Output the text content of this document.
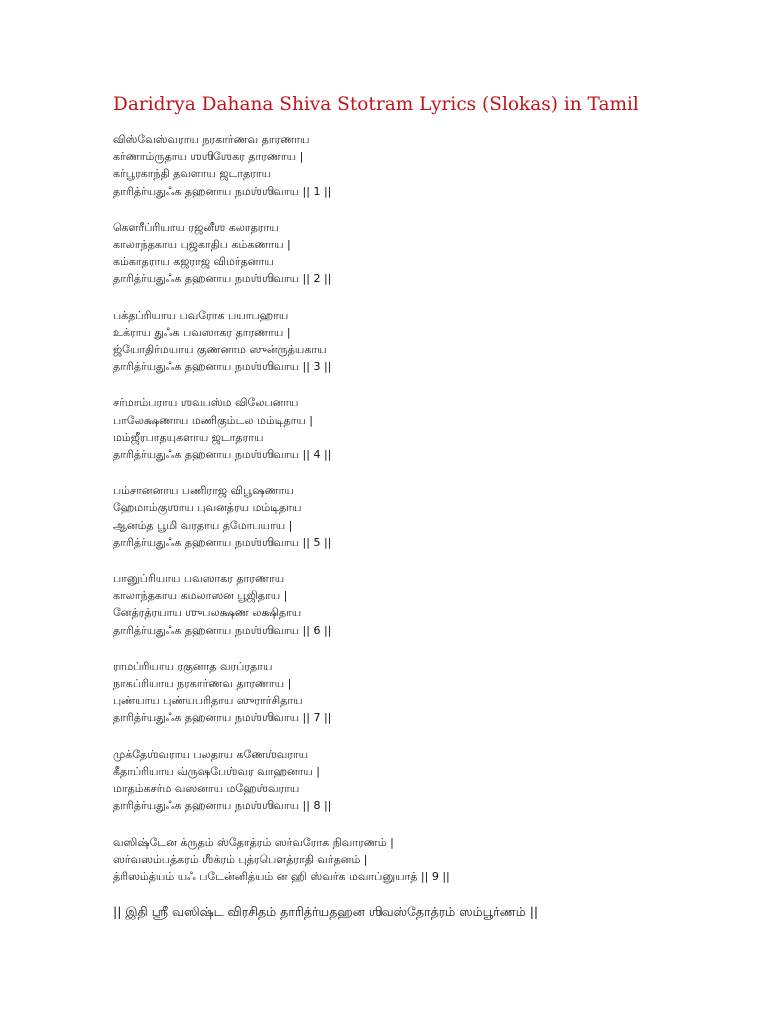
Daridrya Dahana Shiva Stotram Lyrics (Slokas) in Tamil
விஸ்வேஸ்வராய நரகார்ணவ தாரணாய
கர்ணாம்ருதாய ஶஶிஶேகர தாரணாய |
கர்பூரகாந்தி தவளாய ஜடாதராய
தாரித்ர்யதுஃக தஹனாய நமஶ்ஶிவாய || 1 ||
கௌரீப்ரியாய ரஜனீஶ கலாதராய
காலாந்தகாய புஜகாதிப கம்கணாய |
கம்காதராய கஜராஜ விமர்தனாய
தாரித்ர்யதுஃக தஹனாய நமஶ்ஶிவாய || 2 ||
பக்தப்ரியாய பவரோக பயாபஹாய
உக்ராய துஃக பவஸாகர தாரணாய |
ஜ்யோதிர்மயாய குணனாம ஸுன்ருத்யகாய
தாரித்ர்யதுஃக தஹனாய நமஶ்ஶிவாய || 3 ||
சர்மாம்பராய ஶவபஸ்ம விலேபனாய
பாலேக்ஷணாய மணிகும்டல மம்டிதாய |
மம்ஜீரபாதயுகளாய ஜடாதராய
தாரித்ர்யதுஃக தஹனாய நமஶ்ஶிவாய || 4 ||
பம்சானனாய பணிராஜ விபூஷணாய
ஹேமாம்குஶாய புவனத்ரய மம்டிதாய
ஆனம்த பூமி வரதாய தமோபயாய |
தாரித்ர்யதுஃக தஹனாய நமஶ்ஶிவாய || 5 ||
பானுப்ரியாய பவஸாகர தாரணாய
காலாந்தகாய கமலாஸன பூஜிதாய |
னேத்ரத்ரயாய ஶுபலக்ஷண லக்ஷிதாய
தாரித்ர்யதுஃக தஹனாய நமஶ்ஶிவாய || 6 ||
ராமப்ரியாய ரகுனாத வரப்ரதாய
நாகப்ரியாய நரகார்ணவ தாரணாய |
புண்யாய புண்யபரிதாய ஸுரார்சிதாய
தாரித்ர்யதுஃக தஹனாய நமஶ்ஶிவாய || 7 ||
முக்தேஶ்வராய பலதாய கணேஶ்வராய
கீதாப்ரியாய வ்ருஷபேஶ்வர வாஹனாய |
மாதம்கசர்ம வஸனாய மஹேஶ்வராய
தாரித்ர்யதுஃக தஹனாய நமஶ்ஶிவாய || 8 ||
வஸிஷ்டேன க்ருதம் ஸ்தோத்ரம் ஸர்வரோக நிவாரணம் |
ஸர்வஸம்பத்கரம் ஶீக்ரம் புத்ரபௌத்ராதி வர்தனம் |
த்ரிஸம்த்யம் யஃ படேன்னித்யம் ன ஹி ஸ்வர்க மவாப்னுயாத் || 9 ||
|| இதி ஶ்ரீ வஸிஷ்ட விரசிதம் தாரித்ர்யதஹன ஶிவஸ்தோத்ரம் ஸம்பூர்ணம் ||
